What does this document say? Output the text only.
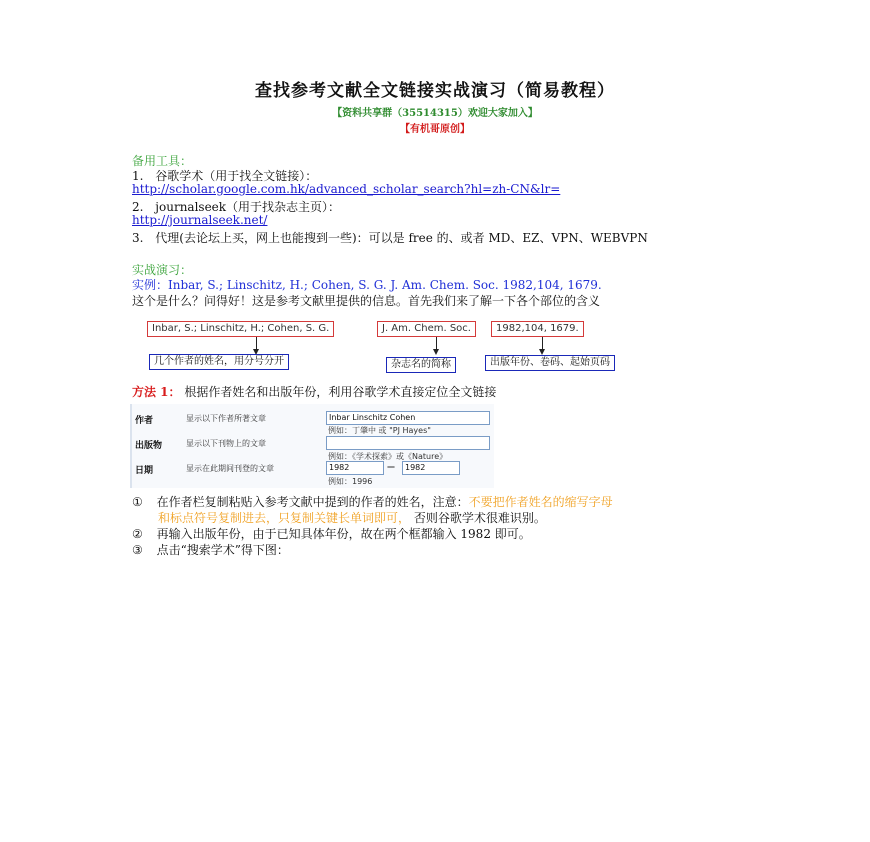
查找参考文献全文链接实战演习（简易教程）
【资料共享群（35514315）欢迎大家加入】
【有机哥原创】
备用工具：
1. 谷歌学术（用于找全文链接）：
http://scholar.google.com.hk/advanced_scholar_search?hl=zh-CN&lr=
2. journalseek（用于找杂志主页）：
http://journalseek.net/
3. 代理(去论坛上买，网上也能搜到一些)：可以是 free 的、或者 MD、EZ、VPN、WEBVPN
实战演习：
实例：Inbar, S.; Linschitz, H.; Cohen, S. G. J. Am. Chem. Soc. 1982,104, 1679.
这个是什么？问得好！这是参考文献里提供的信息。首先我们来了解一下各个部位的含义
Inbar, S.; Linschitz, H.; Cohen, S. G.	J. Am. Chem. Soc.	1982,104, 1679.
几个作者的姓名，用分号分开	杂志名的简称	出版年份、卷码、起始页码
方法 1： 根据作者姓名和出版年份，利用谷歌学术直接定位全文链接
作者	显示以下作者所著文章	Inbar Linschitz Cohen
例如：丁肇中 或 "PJ Hayes"
出版物	显示以下刊物上的文章
例如：《学术探索》或《Nature》
日期	显示在此期间刊登的文章	1982	—	1982
例如：1996
① 在作者栏复制粘贴入参考文献中提到的作者的姓名，注意：不要把作者姓名的缩写字母
和标点符号复制进去，只复制关键长单词即可， 否则谷歌学术很难识别。
② 再输入出版年份，由于已知具体年份，故在两个框都输入 1982 即可。
③ 点击“搜索学术”得下图：
